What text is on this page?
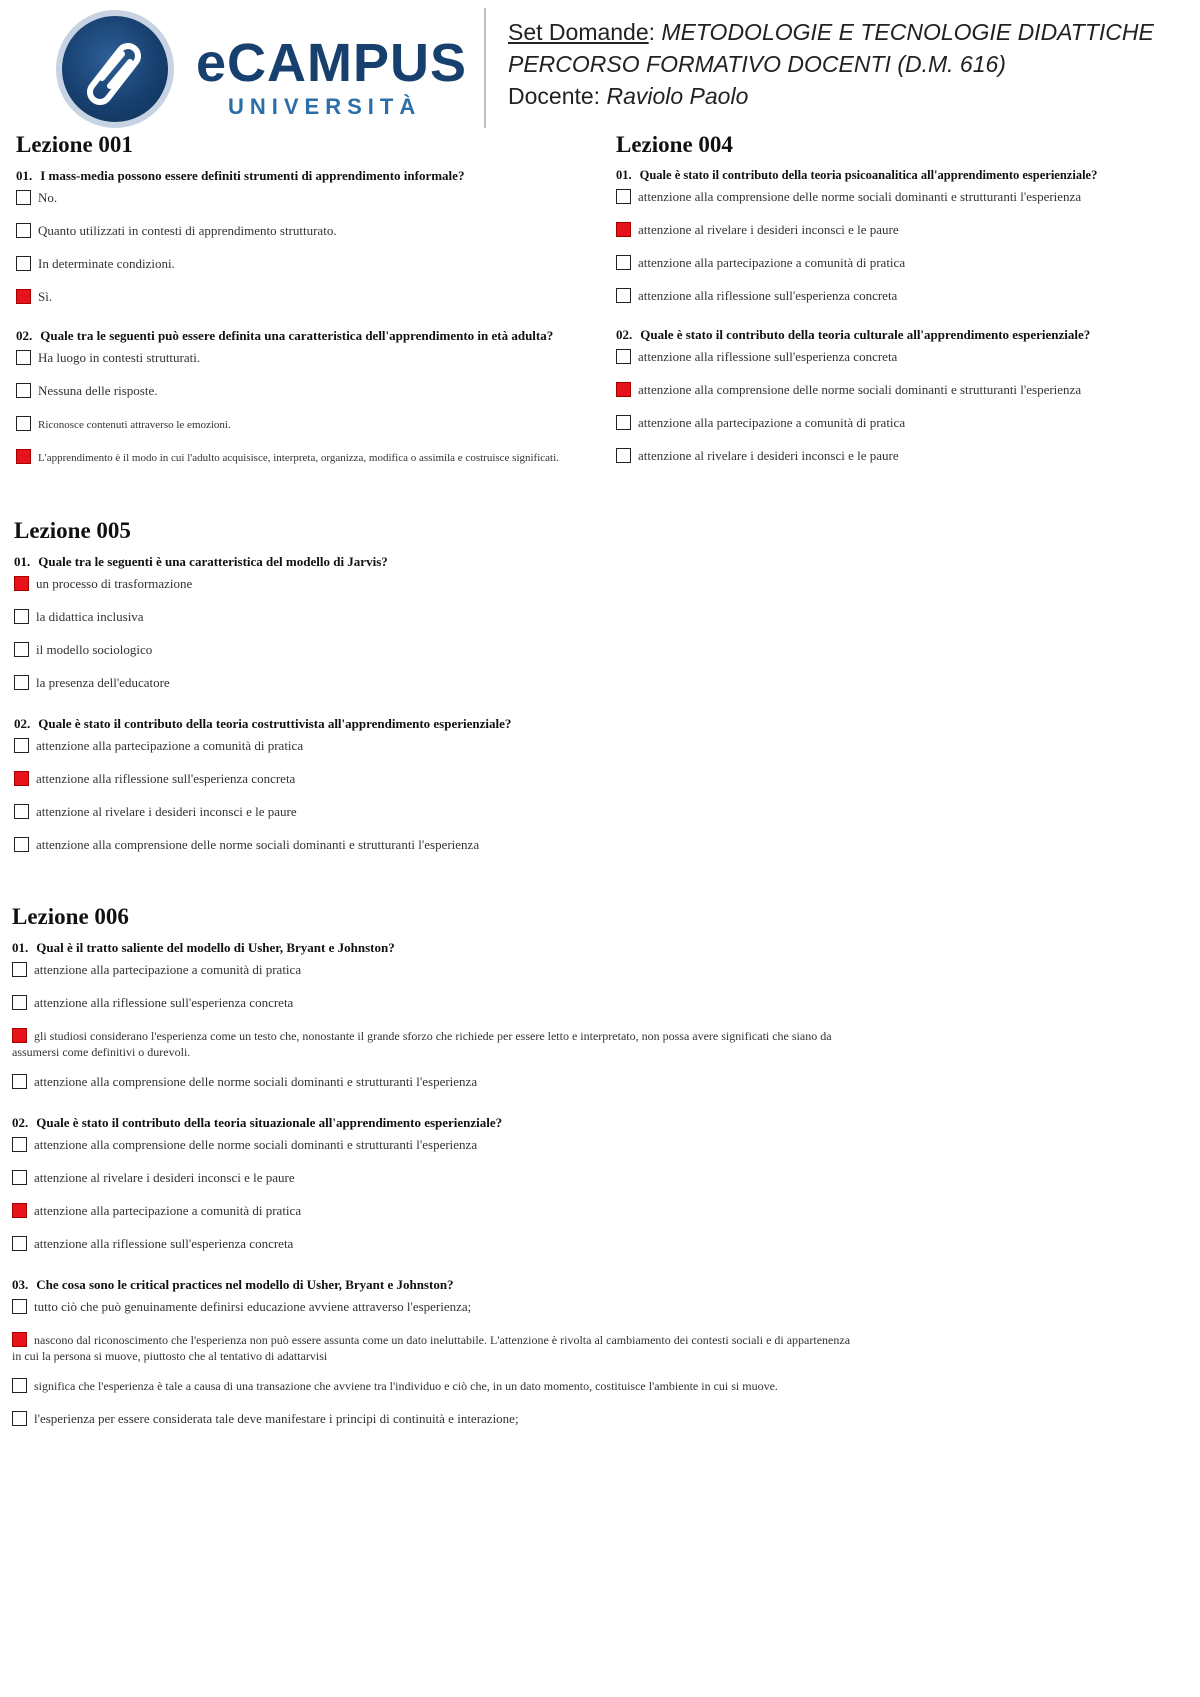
eCAMPUS
UNIVERSITÀ
Set Domande: METODOLOGIE E TECNOLOGIE DIDATTICHE
PERCORSO FORMATIVO DOCENTI (D.M. 616)
Docente: Raviolo Paolo
Lezione 001
01. I mass-media possono essere definiti strumenti di apprendimento informale?
No.
Quanto utilizzati in contesti di apprendimento strutturato.
In determinate condizioni.
Sì.
02. Quale tra le seguenti può essere definita una caratteristica dell'apprendimento in età adulta?
Ha luogo in contesti strutturati.
Nessuna delle risposte.
Riconosce contenuti attraverso le emozioni.
L'apprendimento è il modo in cui l'adulto acquisisce, interpreta, organizza, modifica o assimila e costruisce significati.
Lezione 004
01. Quale è stato il contributo della teoria psicoanalitica all'apprendimento esperienziale?
attenzione alla comprensione delle norme sociali dominanti e strutturanti l'esperienza
attenzione al rivelare i desideri inconsci e le paure
attenzione alla partecipazione a comunità di pratica
attenzione alla riflessione sull'esperienza concreta
02. Quale è stato il contributo della teoria culturale all'apprendimento esperienziale?
attenzione alla riflessione sull'esperienza concreta
attenzione alla comprensione delle norme sociali dominanti e strutturanti l'esperienza
attenzione alla partecipazione a comunità di pratica
attenzione al rivelare i desideri inconsci e le paure
Lezione 005
01. Quale tra le seguenti è una caratteristica del modello di Jarvis?
un processo di trasformazione
la didattica inclusiva
il modello sociologico
la presenza dell'educatore
02. Quale è stato il contributo della teoria costruttivista all'apprendimento esperienziale?
attenzione alla partecipazione a comunità di pratica
attenzione alla riflessione sull'esperienza concreta
attenzione al rivelare i desideri inconsci e le paure
attenzione alla comprensione delle norme sociali dominanti e strutturanti l'esperienza
Lezione 006
01. Qual è il tratto saliente del modello di Usher, Bryant e Johnston?
attenzione alla partecipazione a comunità di pratica
attenzione alla riflessione sull'esperienza concreta
gli studiosi considerano l'esperienza come un testo che, nonostante il grande sforzo che richiede per essere letto e interpretato, non possa avere significati che siano da
assumersi come definitivi o durevoli.
attenzione alla comprensione delle norme sociali dominanti e strutturanti l'esperienza
02. Quale è stato il contributo della teoria situazionale all'apprendimento esperienziale?
attenzione alla comprensione delle norme sociali dominanti e strutturanti l'esperienza
attenzione al rivelare i desideri inconsci e le paure
attenzione alla partecipazione a comunità di pratica
attenzione alla riflessione sull'esperienza concreta
03. Che cosa sono le critical practices nel modello di Usher, Bryant e Johnston?
tutto ciò che può genuinamente definirsi educazione avviene attraverso l'esperienza;
nascono dal riconoscimento che l'esperienza non può essere assunta come un dato ineluttabile. L'attenzione è rivolta al cambiamento dei contesti sociali e di appartenenza
in cui la persona si muove, piuttosto che al tentativo di adattarvisi
significa che l'esperienza è tale a causa di una transazione che avviene tra l'individuo e ciò che, in un dato momento, costituisce l'ambiente in cui si muove.
l'esperienza per essere considerata tale deve manifestare i principi di continuità e interazione;
